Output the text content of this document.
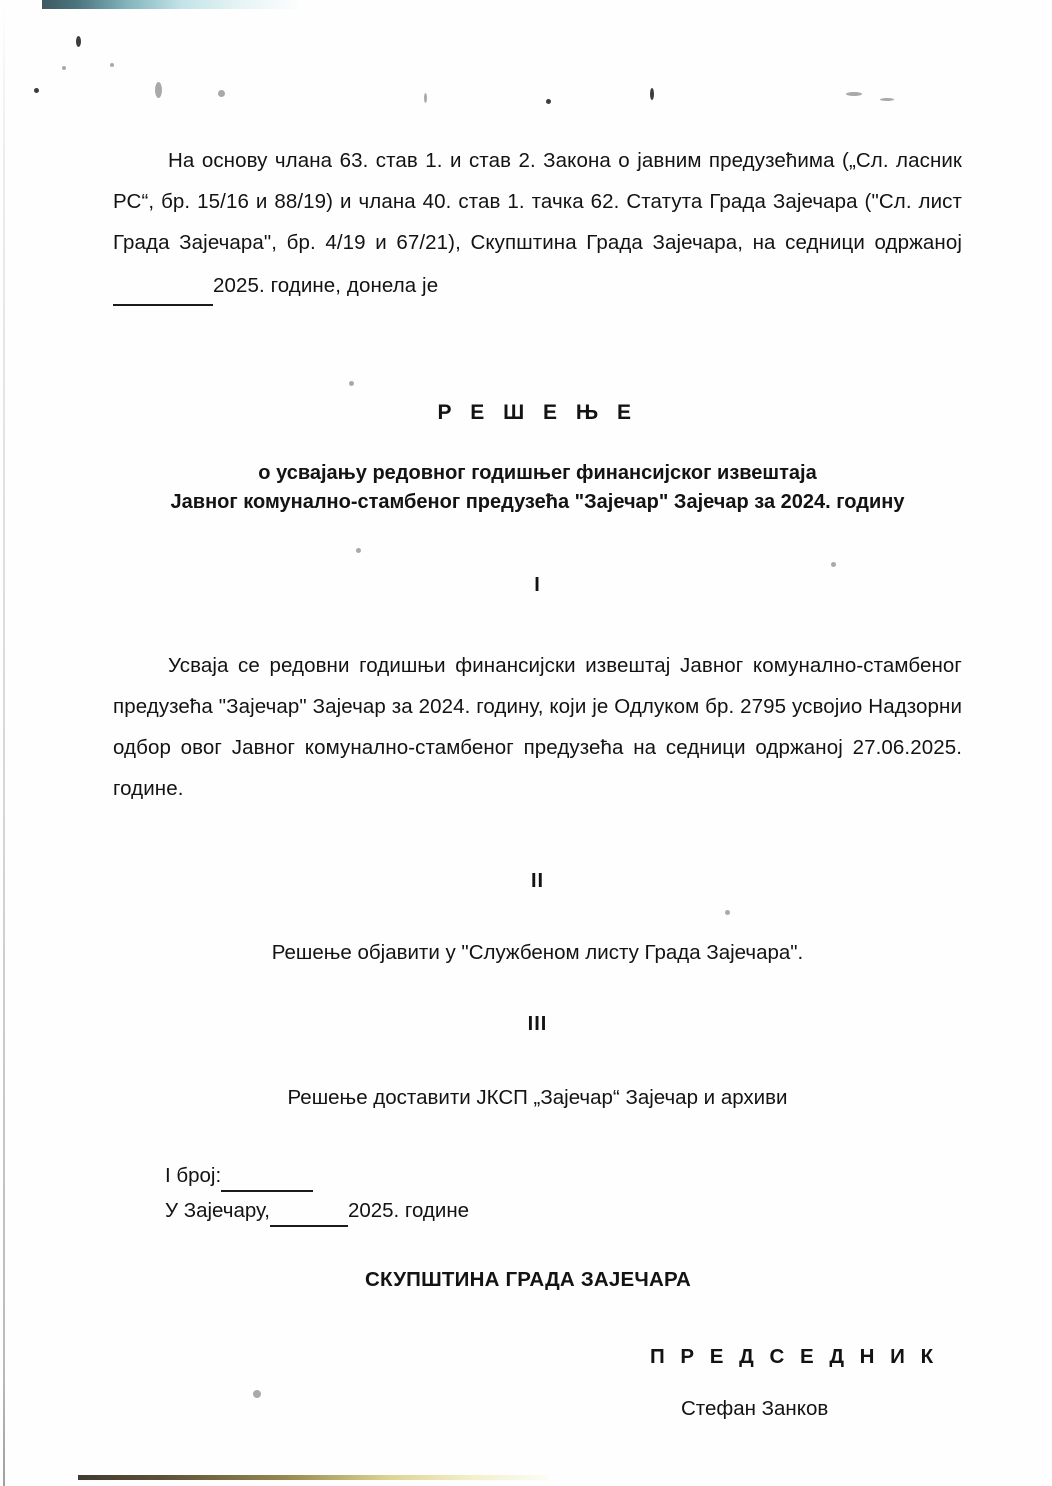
На основу члана 63. став 1. и став 2. Закона о јавним предузећима („Сл. ласник РС“, бр. 15/16 и 88/19) и члана 40. став 1. тачка 62. Статута Града Зајечара ("Сл. лист Града Зајечара", бр. 4/19 и 67/21), Скупштина Града Зајечара, на седници одржаној 2025. године, донела је

Р Е Ш Е Њ Е

о усвајању редовног годишњег финансијског извештаја

Јавног комунално-стамбеног предузећа "Зајечар" Зајечар за 2024. годину

I

Усваја се редовни годишњи финансијски извештај Јавног комунално-стамбеног предузећа "Зајечар" Зајечар за 2024. годину, који је Одлуком бр. 2795 усвојио Надзорни одбор овог Јавног комунално-стамбеног предузећа на седници одржаној 27.06.2025. године.

II

Решење објавити у "Службеном листу Града Зајечара".

III

Решење доставити ЈКСП „Зајечар“ Зајечар и архиви

I број:

У Зајечару,	2025. године

СКУПШТИНА ГРАДА ЗАЈЕЧАРА

П Р Е Д С Е Д Н И К

Стефан Занков
